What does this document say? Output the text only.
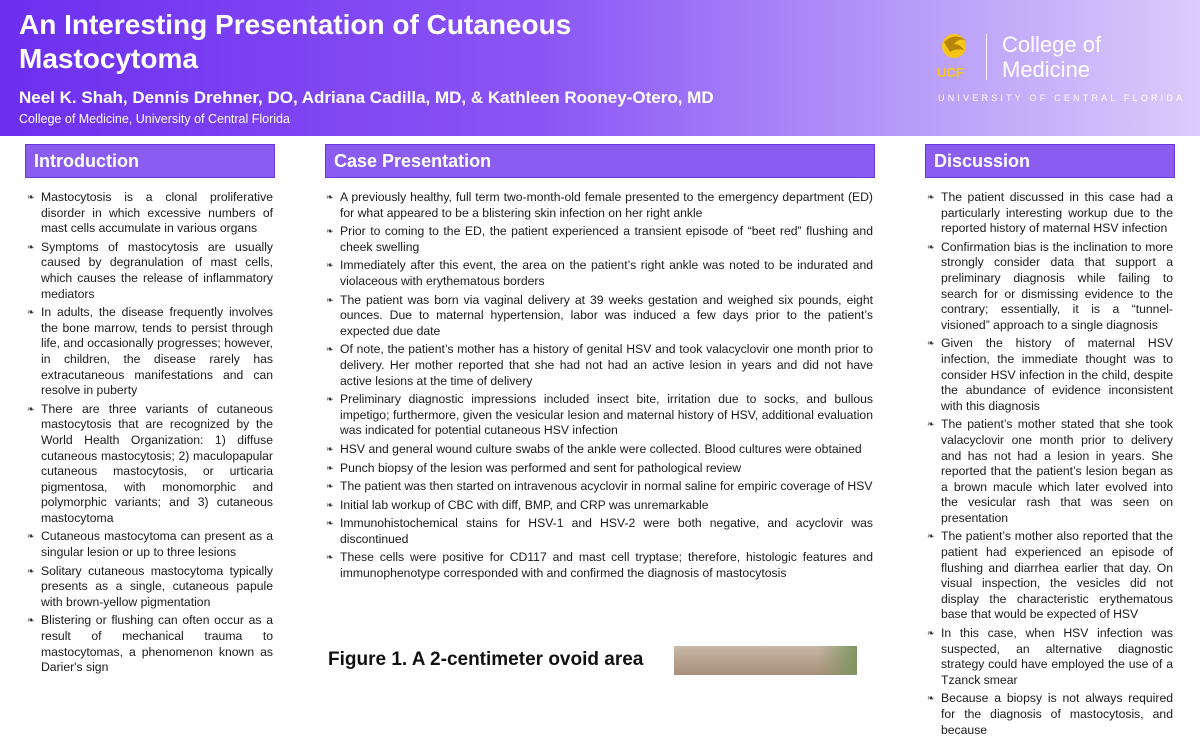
An Interesting Presentation of Cutaneous
Mastocytoma
Neel K. Shah, Dennis Drehner, DO, Adriana Cadilla, MD, & Kathleen Rooney-Otero, MD
College of Medicine, University of Central Florida
UCF
College of
Medicine
UNIVERSITY OF CENTRAL FLORIDA
Introduction
❧ Mastocytosis is a clonal proliferative disorder in which excessive numbers of mast cells accumulate in various organs
❧ Symptoms of mastocytosis are usually caused by degranulation of mast cells, which causes the release of inflammatory mediators
❧ In adults, the disease frequently involves the bone marrow, tends to persist through life, and occasionally progresses; however, in children, the disease rarely has extracutaneous manifestations and can resolve in puberty
❧ There are three variants of cutaneous mastocytosis that are recognized by the World Health Organization: 1) diffuse cutaneous mastocytosis; 2) maculopapular cutaneous mastocytosis, or urticaria pigmentosa, with monomorphic and polymorphic variants; and 3) cutaneous mastocytoma
❧ Cutaneous mastocytoma can present as a singular lesion or up to three lesions
❧ Solitary cutaneous mastocytoma typically presents as a single, cutaneous papule with brown-yellow pigmentation
❧ Blistering or flushing can often occur as a result of mechanical trauma to mastocytomas, a phenomenon known as Darier's sign
Case Presentation
❧ A previously healthy, full term two-month-old female presented to the emergency department (ED) for what appeared to be a blistering skin infection on her right ankle
❧ Prior to coming to the ED, the patient experienced a transient episode of “beet red” flushing and cheek swelling
❧ Immediately after this event, the area on the patient’s right ankle was noted to be indurated and violaceous with erythematous borders
❧ The patient was born via vaginal delivery at 39 weeks gestation and weighed six pounds, eight ounces. Due to maternal hypertension, labor was induced a few days prior to the patient’s expected due date
❧ Of note, the patient’s mother has a history of genital HSV and took valacyclovir one month prior to delivery. Her mother reported that she had not had an active lesion in years and did not have active lesions at the time of delivery
❧ Preliminary diagnostic impressions included insect bite, irritation due to socks, and bullous impetigo; furthermore, given the vesicular lesion and maternal history of HSV, additional evaluation was indicated for potential cutaneous HSV infection
❧ HSV and general wound culture swabs of the ankle were collected. Blood cultures were obtained
❧ Punch biopsy of the lesion was performed and sent for pathological review
❧ The patient was then started on intravenous acyclovir in normal saline for empiric coverage of HSV
❧ Initial lab workup of CBC with diff, BMP, and CRP was unremarkable
❧ Immunohistochemical stains for HSV-1 and HSV-2 were both negative, and acyclovir was discontinued
❧ These cells were positive for CD117 and mast cell tryptase; therefore, histologic features and immunophenotype corresponded with and confirmed the diagnosis of mastocytosis
Figure 1. A 2-centimeter ovoid area
Discussion
❧ The patient discussed in this case had a particularly interesting workup due to the reported history of maternal HSV infection
❧ Confirmation bias is the inclination to more strongly consider data that support a preliminary diagnosis while failing to search for or dismissing evidence to the contrary; essentially, it is a “tunnel-visioned” approach to a single diagnosis
❧ Given the history of maternal HSV infection, the immediate thought was to consider HSV infection in the child, despite the abundance of evidence inconsistent with this diagnosis
❧ The patient’s mother stated that she took valacyclovir one month prior to delivery and has not had a lesion in years. She reported that the patient’s lesion began as a brown macule which later evolved into the vesicular rash that was seen on presentation
❧ The patient’s mother also reported that the patient had experienced an episode of flushing and diarrhea earlier that day. On visual inspection, the vesicles did not display the characteristic erythematous base that would be expected of HSV
❧ In this case, when HSV infection was suspected, an alternative diagnostic strategy could have employed the use of a Tzanck smear
❧ Because a biopsy is not always required for the diagnosis of mastocytosis, and because
